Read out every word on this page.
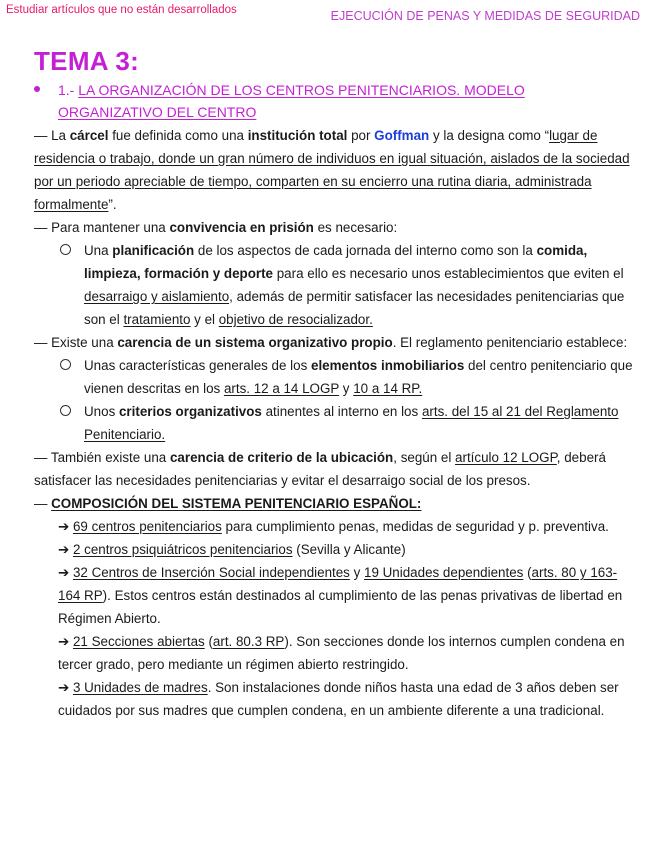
Estudiar artículos que no están desarrollados	EJECUCIÓN DE PENAS Y MEDIDAS DE SEGURIDAD
TEMA 3:
1.- LA ORGANIZACIÓN DE LOS CENTROS PENITENCIARIOS. MODELO ORGANIZATIVO DEL CENTRO

— La cárcel fue definida como una institución total por Goffman y la designa como “lugar de residencia o trabajo, donde un gran número de individuos en igual situación, aislados de la sociedad por un periodo apreciable de tiempo, comparten en su encierro una rutina diaria, administrada formalmente”.

— Para mantener una convivencia en prisión es necesario:

Una planificación de los aspectos de cada jornada del interno como son la comida, limpieza, formación y deporte para ello es necesario unos establecimientos que eviten el desarraigo y aislamiento, además de permitir satisfacer las necesidades penitenciarias que son el tratamiento y el objetivo de resocializador.

— Existe una carencia de un sistema organizativo propio. El reglamento penitenciario establece:

Unas características generales de los elementos inmobiliarios del centro penitenciario que vienen descritas en los arts. 12 a 14 LOGP y 10 a 14 RP.

Unos criterios organizativos atinentes al interno en los arts. del 15 al 21 del Reglamento Penitenciario.

— También existe una carencia de criterio de la ubicación, según el artículo 12 LOGP, deberá satisfacer las necesidades penitenciarias y evitar el desarraigo social de los presos.

— COMPOSICIÓN DEL SISTEMA PENITENCIARIO ESPAÑOL:

➔ 69 centros penitenciarios para cumplimiento penas, medidas de seguridad y p. preventiva.

➔ 2 centros psiquiátricos penitenciarios (Sevilla y Alicante)

➔ 32 Centros de Inserción Social independientes y 19 Unidades dependientes (arts. 80 y 163-164 RP). Estos centros están destinados al cumplimiento de las penas privativas de libertad en Régimen Abierto.

➔ 21 Secciones abiertas (art. 80.3 RP). Son secciones donde los internos cumplen condena en tercer grado, pero mediante un régimen abierto restringido.

➔ 3 Unidades de madres. Son instalaciones donde niños hasta una edad de 3 años deben ser cuidados por sus madres que cumplen condena, en un ambiente diferente a una tradicional.
